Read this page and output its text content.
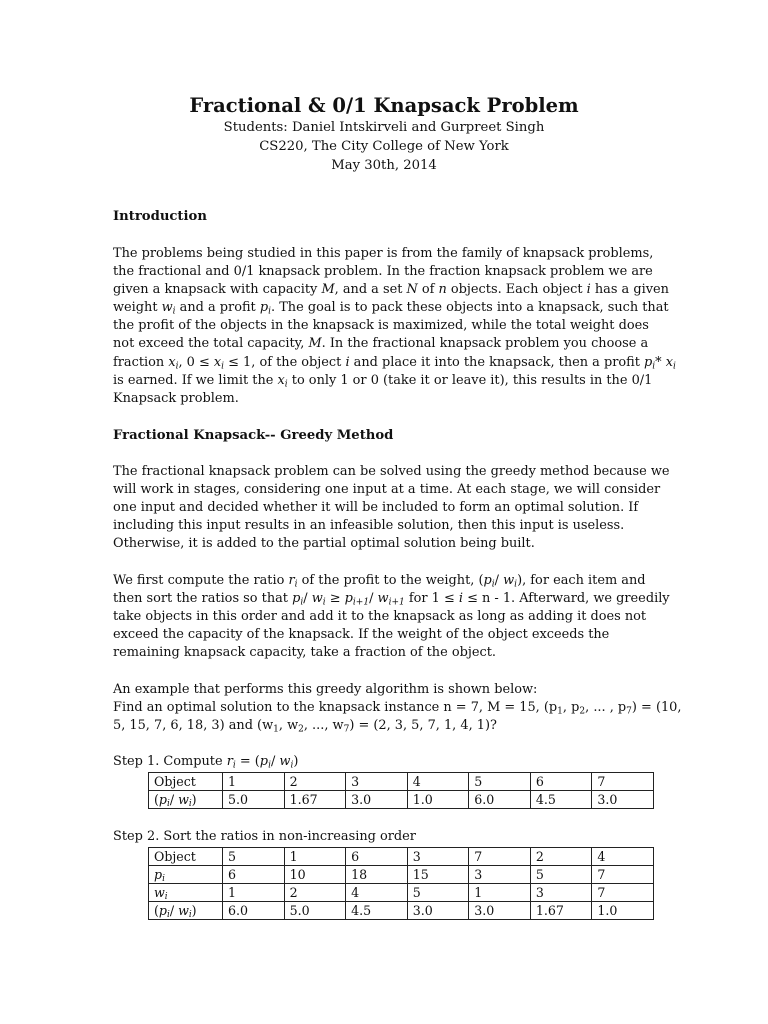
Fractional & 0/1 Knapsack Problem

Students: Daniel Intskirveli and Gurpreet Singh

CS220, The City College of New York

May 30th, 2014

Introduction

The problems being studied in this paper is from the family of knapsack problems,
the fractional and 0/1 knapsack problem. In the fraction knapsack problem we are
given a knapsack with capacity M, and a set N of n objects. Each object i has a given
weight $w_i$ and a profit $p_i$. The goal is to pack these objects into a knapsack, such that
the profit of the objects in the knapsack is maximized, while the total weight does
not exceed the total capacity, M. In the fractional knapsack problem you choose a
fraction $x_i$, $0 \le x_i \le 1$, of the object i and place it into the knapsack, then a profit $p_i*$ $x_i$
is earned. If we limit the $x_i$ to only 1 or 0 (take it or leave it), this results in the 0/1
Knapsack problem.

Fractional Knapsack-- Greedy Method

The fractional knapsack problem can be solved using the greedy method because we
will work in stages, considering one input at a time. At each stage, we will consider
one input and decided whether it will be included to form an optimal solution. If
including this input results in an infeasible solution, then this input is useless.
Otherwise, it is added to the partial optimal solution being built.
We first compute the ratio $r_i$ of the profit to the weight, ($p_i/$ $w_i$), for each item and
then sort the ratios so that $p_i/$ $w_i \ge p_{i+1}/$ $w_{i+1}$ for 1 ≤ i ≤ n - 1. Afterward, we greedily
take objects in this order and add it to the knapsack as long as adding it does not
exceed the capacity of the knapsack. If the weight of the object exceeds the
remaining knapsack capacity, take a fraction of the object.
An example that performs this greedy algorithm is shown below:
Find an optimal solution to the knapsack instance n = 7, M = 15, ($p_1$, $p_2$, ... , $p_7) = (10$,
5, 15, 7, 6, 18, 3) and ($w_1$, $w_2$, ..., $w_7) = (2$, 3, 5, 7, 1, 4, 1)?

Step 1. Compute $r_i = (p_i/$ $w_i$)

Object	1	2	3	4	5	6	7
($p_i/$ $w_i$)	5.0	1.67	3.0	1.0	6.0	4.5	3.0

Step 2. Sort the ratios in non-increasing order

Object	5	1	6	3	7	2	4
$p_i$	6	10	18	15	3	5	7
$w_i$	1	2	4	5	1	3	7
($p_i/$ $w_i$)	6.0	5.0	4.5	3.0	3.0	1.67	1.0
